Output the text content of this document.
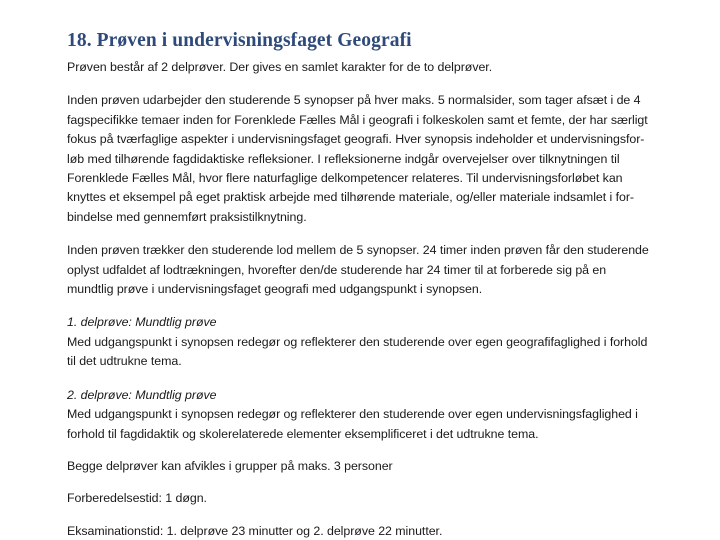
18. Prøven i undervisningsfaget Geografi

Prøven består af 2 delprøver. Der gives en samlet karakter for de to delprøver.

Inden prøven udarbejder den studerende 5 synopser på hver maks. 5 normalsider, som tager afsæt i de 4
fagspecifikke temaer inden for Forenklede Fælles Mål i geografi i folkeskolen samt et femte, der har særligt
fokus på tværfaglige aspekter i undervisningsfaget geografi. Hver synopsis indeholder et undervisningsfor-
løb med tilhørende fagdidaktiske refleksioner. I refleksionerne indgår overvejelser over tilknytningen til
Forenklede Fælles Mål, hvor flere naturfaglige delkompetencer relateres. Til undervisningsforløbet kan
knyttes et eksempel på eget praktisk arbejde med tilhørende materiale, og/eller materiale indsamlet i for-
bindelse med gennemført praksistilknytning.

Inden prøven trækker den studerende lod mellem de 5 synopser. 24 timer inden prøven får den studerende
oplyst udfaldet af lodtrækningen, hvorefter den/de studerende har 24 timer til at forberede sig på en
mundtlig prøve i undervisningsfaget geografi med udgangspunkt i synopsen.

1. delprøve: Mundtlig prøve
Med udgangspunkt i synopsen redegør og reflekterer den studerende over egen geografifaglighed i forhold
til det udtrukne tema.

2. delprøve: Mundtlig prøve
Med udgangspunkt i synopsen redegør og reflekterer den studerende over egen undervisningsfaglighed i
forhold til fagdidaktik og skolerelaterede elementer eksemplificeret i det udtrukne tema.

Begge delprøver kan afvikles i grupper på maks. 3 personer

Forberedelsestid: 1 døgn.

Eksaminationstid: 1. delprøve 23 minutter og 2. delprøve 22 minutter.
